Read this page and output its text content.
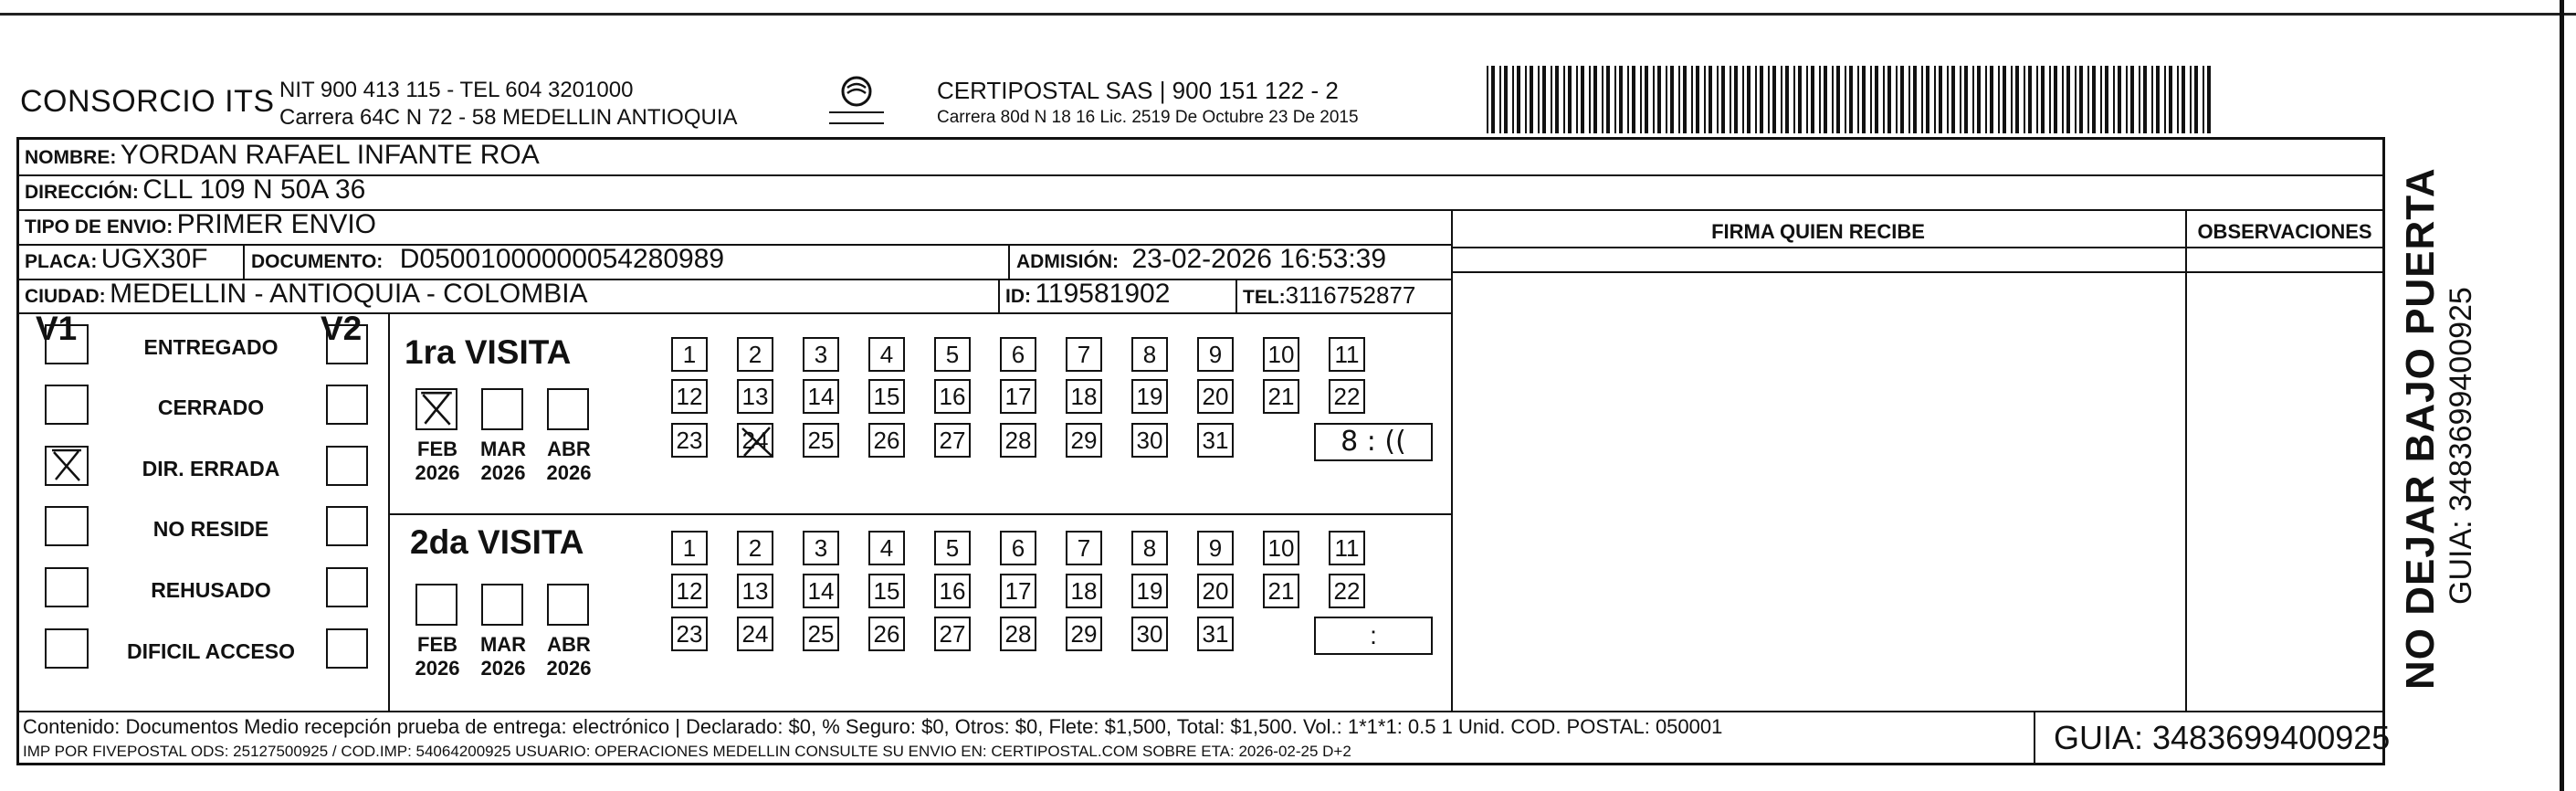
CONSORCIO ITS NIT 900 413 115 - TEL 604 3201000
Carrera 64C N 72 - 58 MEDELLIN ANTIOQUIA
CERTIPOSTAL SAS | 900 151 122 - 2
Carrera 80d N 18 16 Lic. 2519 De Octubre 23 De 2015
NO DEJAR BAJO PUERTA GUIA: 3483699400925
NOMBRE: YORDAN RAFAEL INFANTE ROA
DIRECCIÓN: CLL 109 N 50A 36
TIPO DE ENVIO: PRIMER ENVIO
PLACA: UGX30F DOCUMENTO: D05001000000054280989	ADMISIÓN: 23-02-2026 16:53:39
CIUDAD: MEDELLIN - ANTIOQUIA - COLOMBIA	ID: 119581902	TEL:3116752877
FIRMA QUIEN RECIBE	OBSERVACIONES
V1	V2
ENTREGADO
CERRADO
DIR. ERRADA
NO RESIDE
REHUSADO
DIFICIL ACCESO
1ra VISITA
2da VISITA
FEB
2026
MAR
2026
ABR
2026
FEB
2026
MAR
2026
ABR
2026
1	2	3	4	5	6	7	8	9	10 11
12 13 14 15 16 17 18 19 20 21 22
23 24 25 26 27 28 29 30 31	8 : ((
1	2	3	4	5	6	7	8	9	10 11
12 13 14 15 16 17 18 19 20 21 22
23 24 25 26 27 28 29 30 31	:
Contenido: Documentos Medio recepción prueba de entrega: electrónico | Declarado: $0, % Seguro: $0, Otros: $0, Flete: $1,500, Total: $1,500. Vol.: 1*1*1: 0.5 1 Unid. COD. POSTAL: 050001
IMP POR FIVEPOSTAL ODS: 25127500925 / COD.IMP: 54064200925 USUARIO: OPERACIONES MEDELLIN CONSULTE SU ENVIO EN: CERTIPOSTAL.COM SOBRE ETA: 2026-02-25 D+2	GUIA: 3483699400925
